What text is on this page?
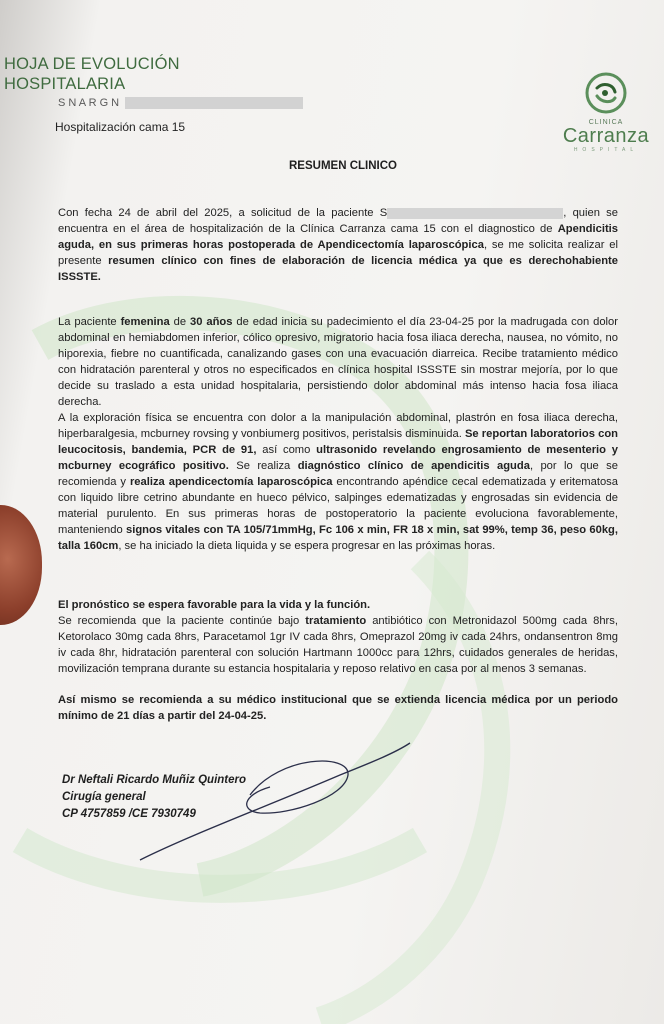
HOJA DE EVOLUCIÓN
HOSPITALARIA
S N A R G N
Hospitalización cama 15	CLINICA
Carranza
HOSPITAL
RESUMEN CLINICO
Con fecha 24 de abril del 2025, a solicitud de la paciente S	, quien se encuentra en el área de hospitalización de la Clínica Carranza cama 15 con el diagnostico de Apendicitis aguda, en sus primeras horas postoperada de Apendicectomía laparoscópica, se me solicita realizar el presente resumen clínico con fines de elaboración de licencia médica ya que es derechohabiente ISSSTE.
La paciente femenina de 30 años de edad inicia su padecimiento el día 23-04-25 por la madrugada con dolor abdominal en hemiabdomen inferior, cólico opresivo, migratorio hacia fosa iliaca derecha, nausea, no vómito, no hiporexia, fiebre no cuantificada, canalizando gases con una evacuación diarreica. Recibe tratamiento médico con hidratación parenteral y otros no especificados en clínica hospital ISSSTE sin mostrar mejoría, por lo que decide su traslado a esta unidad hospitalaria, persistiendo dolor abdominal más intenso hacia fosa iliaca derecha.
A la exploración física se encuentra con dolor a la manipulación abdominal, plastrón en fosa iliaca derecha, hiperbaralgesia, mcburney rovsing y vonbiumerg positivos, peristalsis disminuida. Se reportan laboratorios con leucocitosis, bandemia, PCR de 91, así como ultrasonido revelando engrosamiento de mesenterio y mcburney ecográfico positivo. Se realiza diagnóstico clínico de apendicitis aguda, por lo que se recomienda y realiza apendicectomía laparoscópica encontrando apéndice cecal edematizada y eritematosa con liquido libre cetrino abundante en hueco pélvico, salpinges edematizadas y engrosadas sin evidencia de material purulento. En sus primeras horas de postoperatorio la paciente evoluciona favorablemente, manteniendo signos vitales con TA 105/71mmHg, Fc 106 x min, FR 18 x min, sat 99%, temp 36, peso 60kg, talla 160cm, se ha iniciado la dieta liquida y se espera progresar en las próximas horas.
El pronóstico se espera favorable para la vida y la función.
Se recomienda que la paciente continúe bajo tratamiento antibiótico con Metronidazol 500mg cada 8hrs, Ketorolaco 30mg cada 8hrs, Paracetamol 1gr IV cada 8hrs, Omeprazol 20mg iv cada 24hrs, ondansentron 8mg iv cada 8hr, hidratación parenteral con solución Hartmann 1000cc para 12hrs, cuidados generales de heridas, movilización temprana durante su estancia hospitalaria y reposo relativo en casa por al menos 3 semanas.
Así mismo se recomienda a su médico institucional que se extienda licencia médica por un periodo mínimo de 21 días a partir del 24-04-25.
Dr Neftali Ricardo Muñiz Quintero
Cirugía general
CP 4757859 /CE 7930749
